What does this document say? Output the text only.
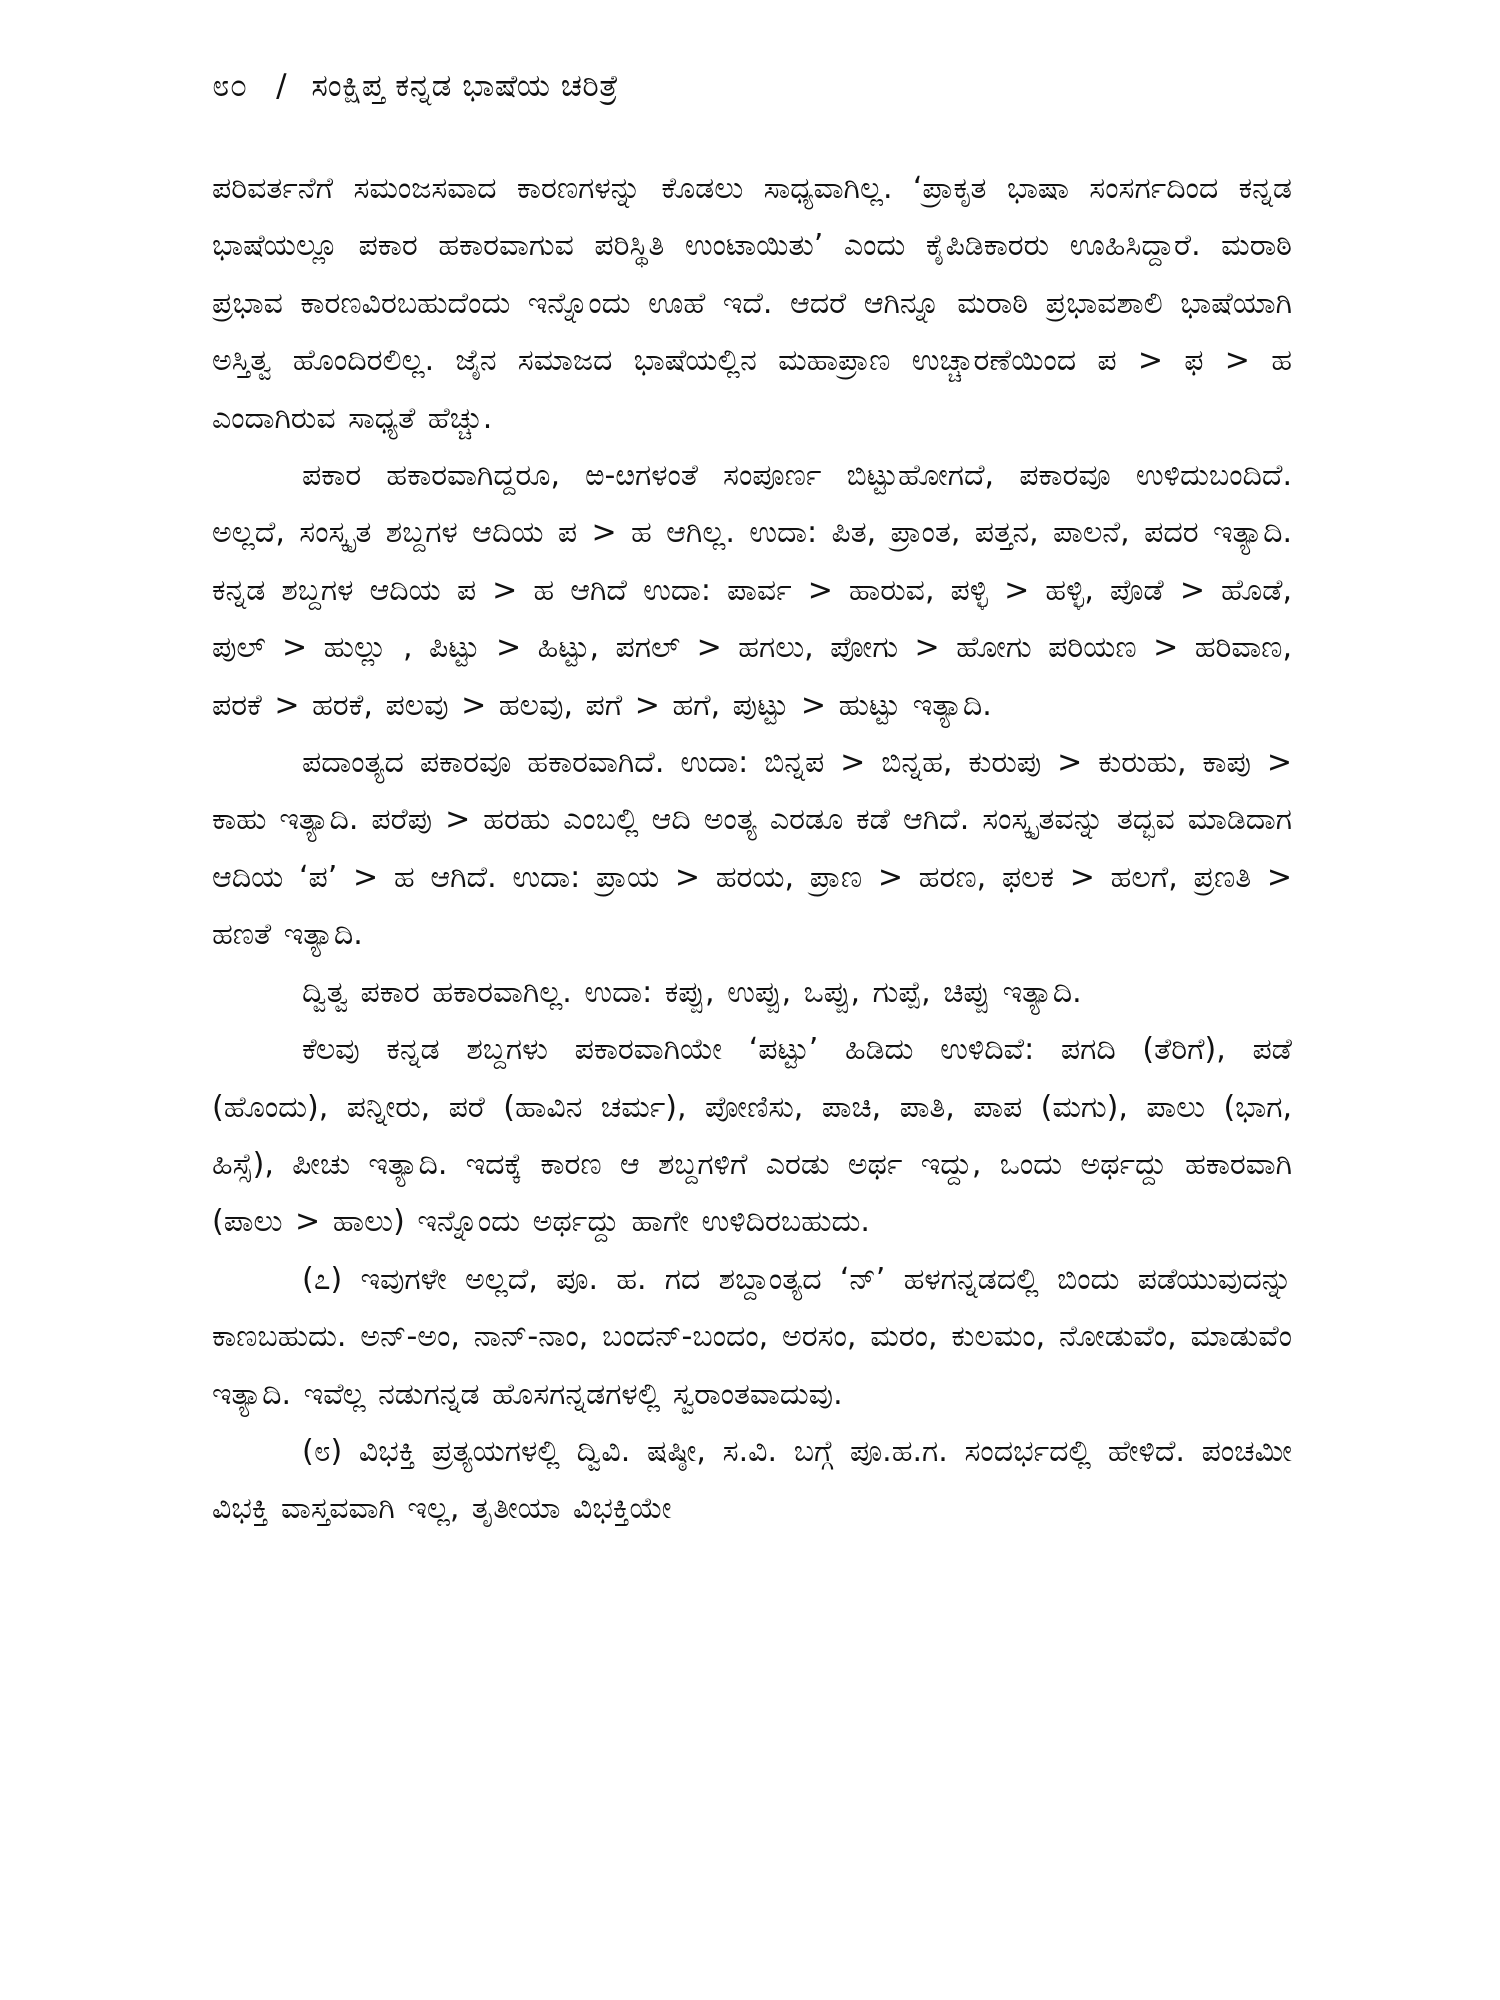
೮೦ / ಸಂಕ್ಷಿಪ್ತ ಕನ್ನಡ ಭಾಷೆಯ ಚರಿತ್ರೆ

ಪರಿವರ್ತನೆಗೆ ಸಮಂಜಸವಾದ ಕಾರಣಗಳನ್ನು ಕೊಡಲು ಸಾಧ್ಯವಾಗಿಲ್ಲ. ‘ಪ್ರಾಕೃತ ಭಾಷಾ ಸಂಸರ್ಗದಿಂದ ಕನ್ನಡ ಭಾಷೆಯಲ್ಲೂ ಪಕಾರ ಹಕಾರವಾಗುವ ಪರಿಸ್ಥಿತಿ ಉಂಟಾಯಿತು’ ಎಂದು ಕೈಪಿಡಿಕಾರರು ಊಹಿಸಿದ್ದಾರೆ. ಮರಾಠಿ ಪ್ರಭಾವ ಕಾರಣವಿರಬಹುದೆಂದು ಇನ್ನೊಂದು ಊಹೆ ಇದೆ. ಆದರೆ ಆಗಿನ್ನೂ ಮರಾಠಿ ಪ್ರಭಾವಶಾಲಿ ಭಾಷೆಯಾಗಿ ಅಸ್ತಿತ್ವ ಹೊಂದಿರಲಿಲ್ಲ. ಜೈನ ಸಮಾಜದ ಭಾಷೆಯಲ್ಲಿನ ಮಹಾಪ್ರಾಣ ಉಚ್ಚಾರಣೆಯಿಂದ ಪ > ಫ > ಹ ಎಂದಾಗಿರುವ ಸಾಧ್ಯತೆ ಹೆಚ್ಚು.

ಪಕಾರ ಹಕಾರವಾಗಿದ್ದರೂ, ಱ-ೞಗಳಂತೆ ಸಂಪೂರ್ಣ ಬಿಟ್ಟುಹೋಗದೆ, ಪಕಾರವೂ ಉಳಿದುಬಂದಿದೆ. ಅಲ್ಲದೆ, ಸಂಸ್ಕೃತ ಶಬ್ದಗಳ ಆದಿಯ ಪ > ಹ ಆಗಿಲ್ಲ. ಉದಾ: ಪಿತ, ಪ್ರಾಂತ, ಪತ್ತನ, ಪಾಲನೆ, ಪದರ ಇತ್ಯಾದಿ. ಕನ್ನಡ ಶಬ್ದಗಳ ಆದಿಯ ಪ > ಹ ಆಗಿದೆ ಉದಾ: ಪಾರ್ವ > ಹಾರುವ, ಪಳ್ಳಿ > ಹಳ್ಳಿ, ಪೊಡೆ > ಹೊಡೆ, ಪುಲ್ > ಹುಲ್ಲು , ಪಿಟ್ಟು > ಹಿಟ್ಟು, ಪಗಲ್ > ಹಗಲು, ಪೋಗು > ಹೋಗು ಪರಿಯಣ > ಹರಿವಾಣ, ಪರಕೆ > ಹರಕೆ, ಪಲವು > ಹಲವು, ಪಗೆ > ಹಗೆ, ಪುಟ್ಟು > ಹುಟ್ಟು ಇತ್ಯಾದಿ.

ಪದಾಂತ್ಯದ ಪಕಾರವೂ ಹಕಾರವಾಗಿದೆ. ಉದಾ: ಬಿನ್ನಪ > ಬಿನ್ನಹ, ಕುರುಪು > ಕುರುಹು, ಕಾಪು > ಕಾಹು ಇತ್ಯಾದಿ. ಪರೆಪು > ಹರಹು ಎಂಬಲ್ಲಿ ಆದಿ ಅಂತ್ಯ ಎರಡೂ ಕಡೆ ಆಗಿದೆ. ಸಂಸ್ಕೃತವನ್ನು ತದ್ಭವ ಮಾಡಿದಾಗ ಆದಿಯ ‘ಪ’ > ಹ ಆಗಿದೆ. ಉದಾ: ಪ್ರಾಯ > ಹರಯ, ಪ್ರಾಣ > ಹರಣ, ಫಲಕ > ಹಲಗೆ, ಪ್ರಣತಿ > ಹಣತೆ ಇತ್ಯಾದಿ.

ದ್ವಿತ್ವ ಪಕಾರ ಹಕಾರವಾಗಿಲ್ಲ. ಉದಾ: ಕಪ್ಪು, ಉಪ್ಪು, ಒಪ್ಪು, ಗುಪ್ಪೆ, ಚಿಪ್ಪು ಇತ್ಯಾದಿ.

ಕೆಲವು ಕನ್ನಡ ಶಬ್ದಗಳು ಪಕಾರವಾಗಿಯೇ ‘ಪಟ್ಟು’ ಹಿಡಿದು ಉಳಿದಿವೆ: ಪಗದಿ (ತೆರಿಗೆ), ಪಡೆ (ಹೊಂದು), ಪನ್ನೀರು, ಪರೆ (ಹಾವಿನ ಚರ್ಮ), ಪೋಣಿಸು, ಪಾಚಿ, ಪಾತಿ, ಪಾಪ (ಮಗು), ಪಾಲು (ಭಾಗ, ಹಿಸ್ಸೆ), ಪೀಚು ಇತ್ಯಾದಿ. ಇದಕ್ಕೆ ಕಾರಣ ಆ ಶಬ್ದಗಳಿಗೆ ಎರಡು ಅರ್ಥ ಇದ್ದು, ಒಂದು ಅರ್ಥದ್ದು ಹಕಾರವಾಗಿ (ಪಾಲು > ಹಾಲು) ಇನ್ನೊಂದು ಅರ್ಥದ್ದು ಹಾಗೇ ಉಳಿದಿರಬಹುದು.

(೭) ಇವುಗಳೇ ಅಲ್ಲದೆ, ಪೂ. ಹ. ಗದ ಶಬ್ದಾಂತ್ಯದ ‘ನ್’ ಹಳಗನ್ನಡದಲ್ಲಿ ಬಿಂದು ಪಡೆಯುವುದನ್ನು ಕಾಣಬಹುದು. ಅನ್-ಅಂ, ನಾನ್-ನಾಂ, ಬಂದನ್-ಬಂದಂ, ಅರಸಂ, ಮರಂ, ಕುಲಮಂ, ನೋಡುವೆಂ, ಮಾಡುವೆಂ ಇತ್ಯಾದಿ. ಇವೆಲ್ಲ ನಡುಗನ್ನಡ ಹೊಸಗನ್ನಡಗಳಲ್ಲಿ ಸ್ವರಾಂತವಾದುವು.

(೮) ವಿಭಕ್ತಿ ಪ್ರತ್ಯಯಗಳಲ್ಲಿ ದ್ವಿವಿ. ಷಷ್ಠೀ, ಸ.ವಿ. ಬಗ್ಗೆ ಪೂ.ಹ.ಗ. ಸಂದರ್ಭದಲ್ಲಿ ಹೇಳಿದೆ. ಪಂಚಮೀ ವಿಭಕ್ತಿ ವಾಸ್ತವವಾಗಿ ಇಲ್ಲ, ತೃತೀಯಾ ವಿಭಕ್ತಿಯೇ
